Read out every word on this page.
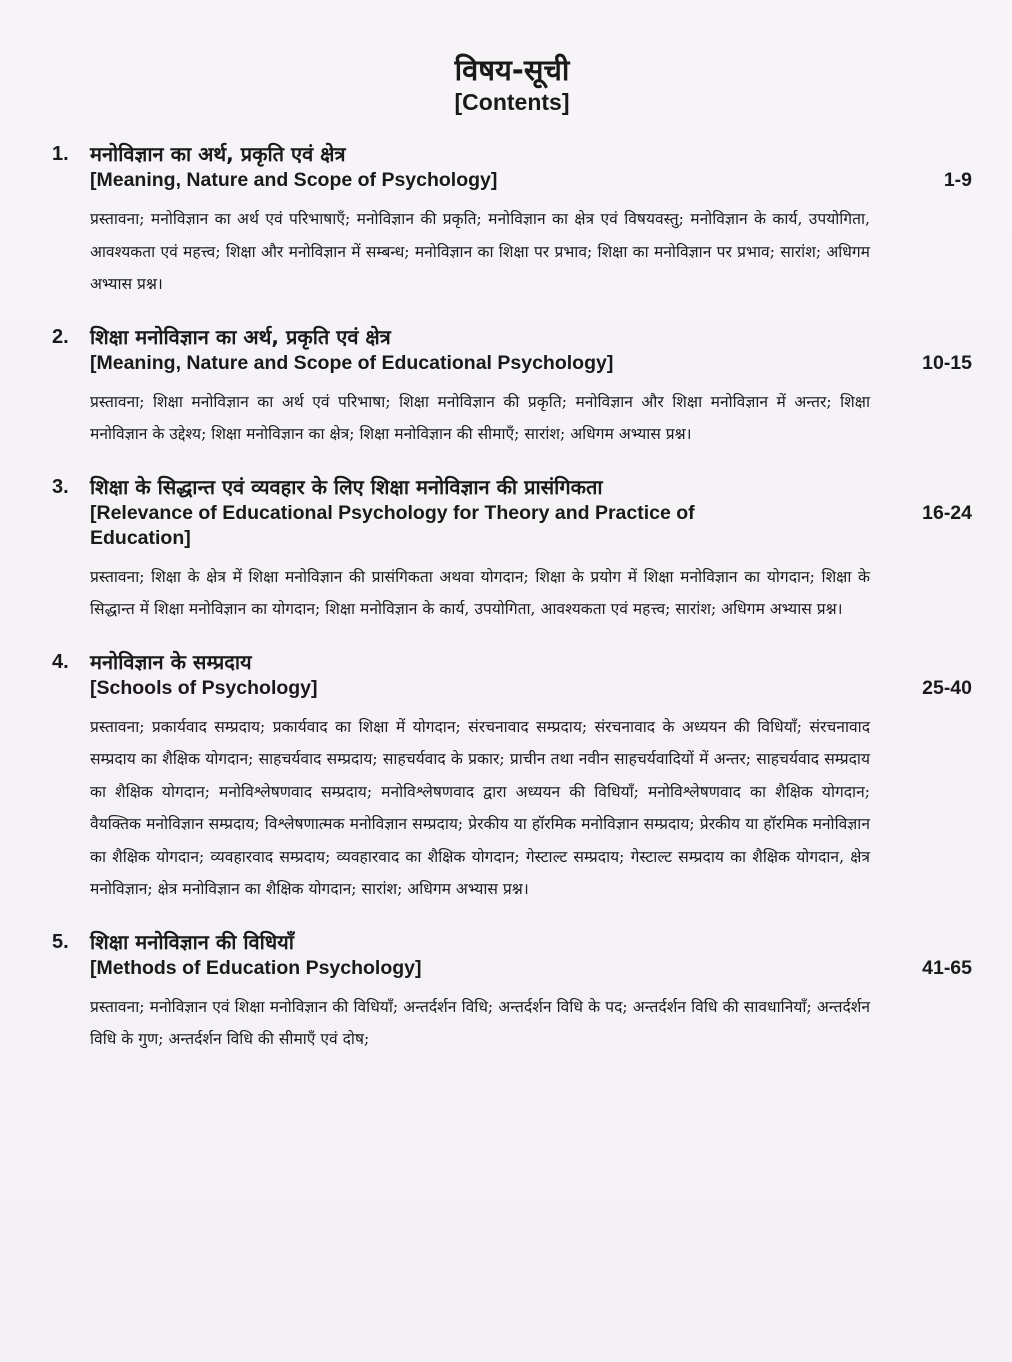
विषय-सूची
[Contents]
1.	मनोविज्ञान का अर्थ, प्रकृति एवं क्षेत्र
[Meaning, Nature and Scope of Psychology]	1-9
प्रस्तावना; मनोविज्ञान का अर्थ एवं परिभाषाएँ; मनोविज्ञान की प्रकृति; मनोविज्ञान का क्षेत्र एवं विषयवस्तु; मनोविज्ञान के कार्य, उपयोगिता, आवश्यकता एवं महत्त्व; शिक्षा और मनोविज्ञान में सम्बन्ध; मनोविज्ञान का शिक्षा पर प्रभाव; शिक्षा का मनोविज्ञान पर प्रभाव; सारांश; अधिगम अभ्यास प्रश्न।
2.	शिक्षा मनोविज्ञान का अर्थ, प्रकृति एवं क्षेत्र
[Meaning, Nature and Scope of Educational Psychology]	10-15
प्रस्तावना; शिक्षा मनोविज्ञान का अर्थ एवं परिभाषा; शिक्षा मनोविज्ञान की प्रकृति; मनोविज्ञान और शिक्षा मनोविज्ञान में अन्तर; शिक्षा मनोविज्ञान के उद्देश्य; शिक्षा मनोविज्ञान का क्षेत्र; शिक्षा मनोविज्ञान की सीमाएँ; सारांश; अधिगम अभ्यास प्रश्न।
3.	शिक्षा के सिद्धान्त एवं व्यवहार के लिए शिक्षा मनोविज्ञान की प्रासंगिकता
[Relevance of Educational Psychology for Theory and Practice of Education]
16-24
प्रस्तावना; शिक्षा के क्षेत्र में शिक्षा मनोविज्ञान की प्रासंगिकता अथवा योगदान; शिक्षा के प्रयोग में शिक्षा मनोविज्ञान का योगदान; शिक्षा के सिद्धान्त में शिक्षा मनोविज्ञान का योगदान; शिक्षा मनोविज्ञान के कार्य, उपयोगिता, आवश्यकता एवं महत्त्व; सारांश; अधिगम अभ्यास प्रश्न।
4.	मनोविज्ञान के सम्प्रदाय
[Schools of Psychology]	25-40
प्रस्तावना; प्रकार्यवाद सम्प्रदाय; प्रकार्यवाद का शिक्षा में योगदान; संरचनावाद सम्प्रदाय; संरचनावाद के अध्ययन की विधियाँ; संरचनावाद सम्प्रदाय का शैक्षिक योगदान; साहचर्यवाद सम्प्रदाय; साहचर्यवाद के प्रकार; प्राचीन तथा नवीन साहचर्यवादियों में अन्तर; साहचर्यवाद सम्प्रदाय का शैक्षिक योगदान; मनोविश्लेषणवाद सम्प्रदाय; मनोविश्लेषणवाद द्वारा अध्ययन की विधियाँ; मनोविश्लेषणवाद का शैक्षिक योगदान; वैयक्तिक मनोविज्ञान सम्प्रदाय; विश्लेषणात्मक मनोविज्ञान सम्प्रदाय; प्रेरकीय या हॉरमिक मनोविज्ञान सम्प्रदाय; प्रेरकीय या हॉरमिक मनोविज्ञान का शैक्षिक योगदान; व्यवहारवाद सम्प्रदाय; व्यवहारवाद का शैक्षिक योगदान; गेस्टाल्ट सम्प्रदाय; गेस्टाल्ट सम्प्रदाय का शैक्षिक योगदान, क्षेत्र मनोविज्ञान; क्षेत्र मनोविज्ञान का शैक्षिक योगदान; सारांश; अधिगम अभ्यास प्रश्न।
5.	शिक्षा मनोविज्ञान की विधियाँ
[Methods of Education Psychology]	41-65
प्रस्तावना; मनोविज्ञान एवं शिक्षा मनोविज्ञान की विधियाँ; अन्तर्दर्शन विधि; अन्तर्दर्शन विधि के पद; अन्तर्दर्शन विधि की सावधानियाँ; अन्तर्दर्शन विधि के गुण; अन्तर्दर्शन विधि की सीमाएँ एवं दोष;
